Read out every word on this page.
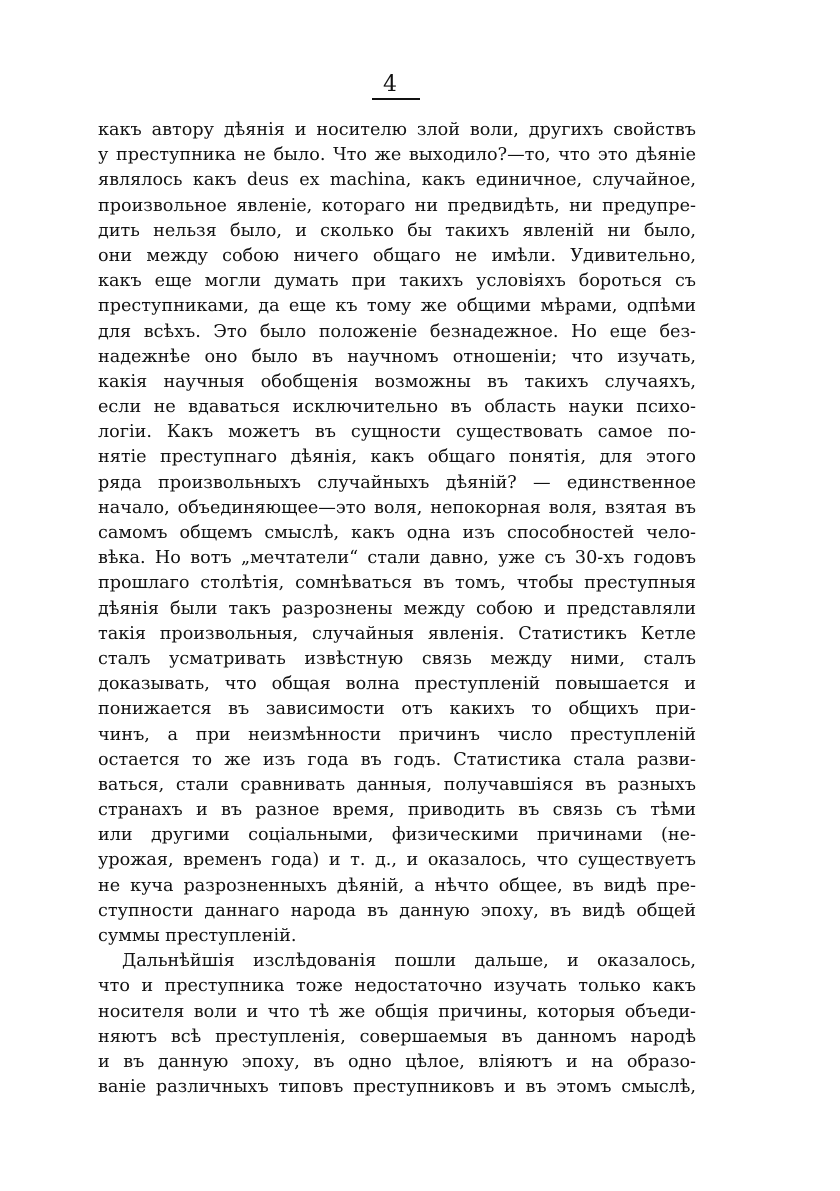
4
какъ автору дѣянія и носителю злой воли, другихъ свойствъ
у преступника не было. Что же выходило?—то, что это дѣяніе
являлось какъ deus ex machina, какъ единичное, случайное,
произвольное явленіе, котораго ни предвидѣть, ни предупре-
дить нельзя было, и сколько бы такихъ явленій ни было,
они между собою ничего общаго не имѣли. Удивительно,
какъ еще могли думать при такихъ условіяхъ бороться съ
преступниками, да еще къ тому же общими мѣрами, одпѣми
для всѣхъ. Это было положеніе безнадежное. Но еще без-
надежнѣе оно было въ научномъ отношеніи; что изучать,
какія научныя обобщенія возможны въ такихъ случаяхъ,
если не вдаваться исключительно въ область науки психо-
логіи. Какъ можетъ въ сущности существовать самое по-
нятіе преступнаго дѣянія, какъ общаго понятія, для этого
ряда произвольныхъ случайныхъ дѣяній? — единственное
начало, объединяющее—это воля, непокорная воля, взятая въ
самомъ общемъ смыслѣ, какъ одна изъ способностей чело-
вѣка. Но вотъ „мечтатели“ стали давно, уже съ 30-хъ годовъ
прошлаго столѣтія, сомнѣваться въ томъ, чтобы преступныя
дѣянія были такъ разрознены между собою и представляли
такія произвольныя, случайныя явленія. Статистикъ Кетле
сталъ усматривать извѣстную связь между ними, сталъ
доказывать, что общая волна преступленій повышается и
понижается въ зависимости отъ какихъ то общихъ при-
чинъ, а при неизмѣнности причинъ число преступленій
остается то же изъ года въ годъ. Статистика стала разви-
ваться, стали сравнивать данныя, получавшіяся въ разныхъ
странахъ и въ разное время, приводить въ связь съ тѣми
или другими соціальными, физическими причинами (не-
урожая, временъ года) и т. д., и оказалось, что существуетъ
не куча разрозненныхъ дѣяній, а нѣчто общее, въ видѣ пре-
ступности даннаго народа въ данную эпоху, въ видѣ общей
суммы преступленій.
Дальнѣйшія изслѣдованія пошли дальше, и оказалось,
что и преступника тоже недостаточно изучать только какъ
носителя воли и что тѣ же общія причины, которыя объеди-
няютъ всѣ преступленія, совершаемыя въ данномъ народѣ
и въ данную эпоху, въ одно цѣлое, вліяютъ и на образо-
ваніе различныхъ типовъ преступниковъ и въ этомъ смыслѣ,
